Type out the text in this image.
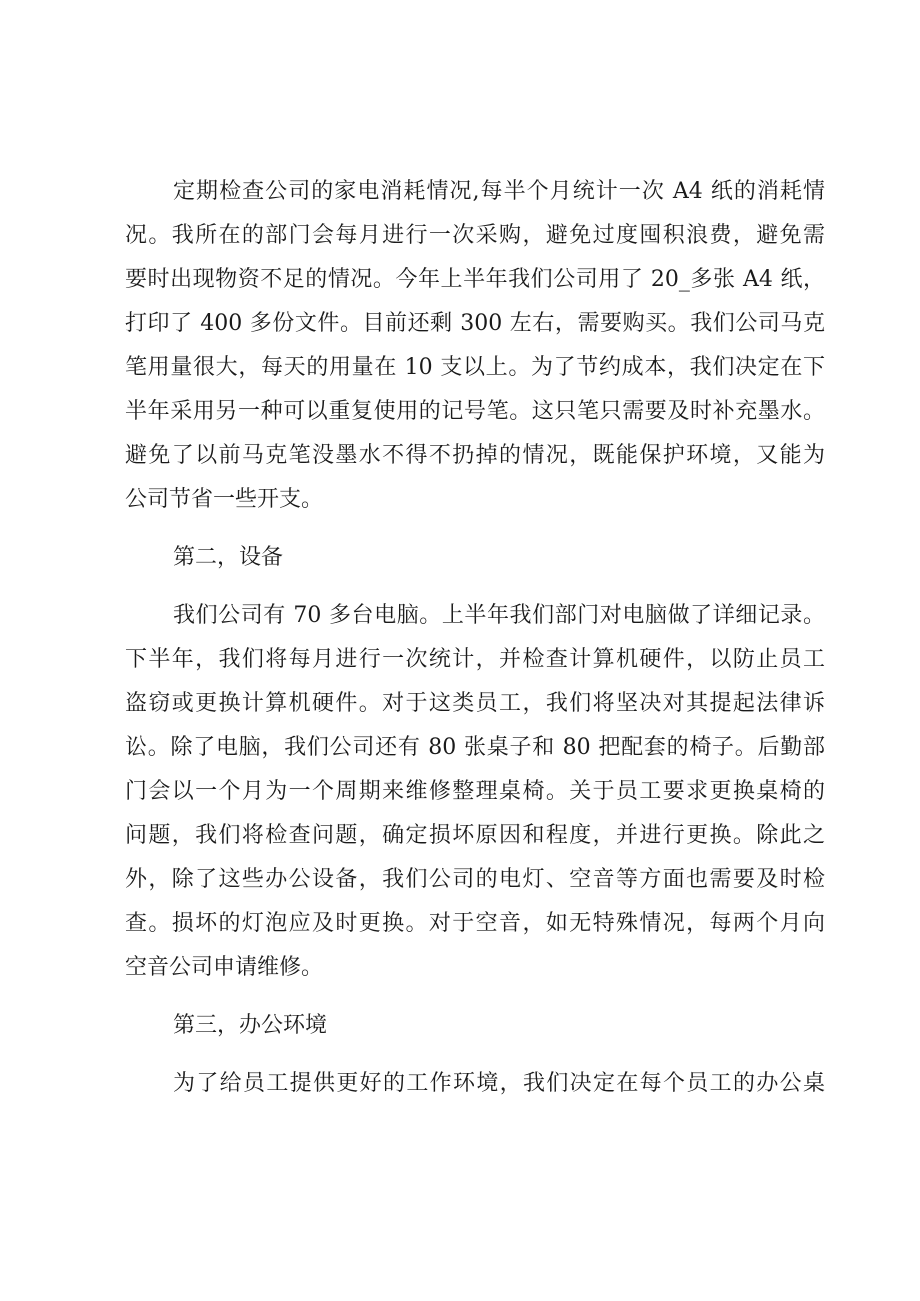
定期检查公司的家电消耗情况,每半个月统计一次 A4 纸的消耗情
况。我所在的部门会每月进行一次采购，避免过度囤积浪费，避免需
要时出现物资不足的情况。今年上半年我们公司用了 20_多张 A4 纸，
打印了 400 多份文件。目前还剩 300 左右，需要购买。我们公司马克
笔用量很大，每天的用量在 10 支以上。为了节约成本，我们决定在下
半年采用另一种可以重复使用的记号笔。这只笔只需要及时补充墨水。
避免了以前马克笔没墨水不得不扔掉的情况，既能保护环境，又能为
公司节省一些开支。
第二，设备
我们公司有 70 多台电脑。上半年我们部门对电脑做了详细记录。
下半年，我们将每月进行一次统计，并检查计算机硬件，以防止员工
盗窃或更换计算机硬件。对于这类员工，我们将坚决对其提起法律诉
讼。除了电脑，我们公司还有 80 张桌子和 80 把配套的椅子。后勤部
门会以一个月为一个周期来维修整理桌椅。关于员工要求更换桌椅的
问题，我们将检查问题，确定损坏原因和程度，并进行更换。除此之
外，除了这些办公设备，我们公司的电灯、空音等方面也需要及时检
查。损坏的灯泡应及时更换。对于空音，如无特殊情况，每两个月向
空音公司申请维修。
第三，办公环境
为了给员工提供更好的工作环境，我们决定在每个员工的办公桌
